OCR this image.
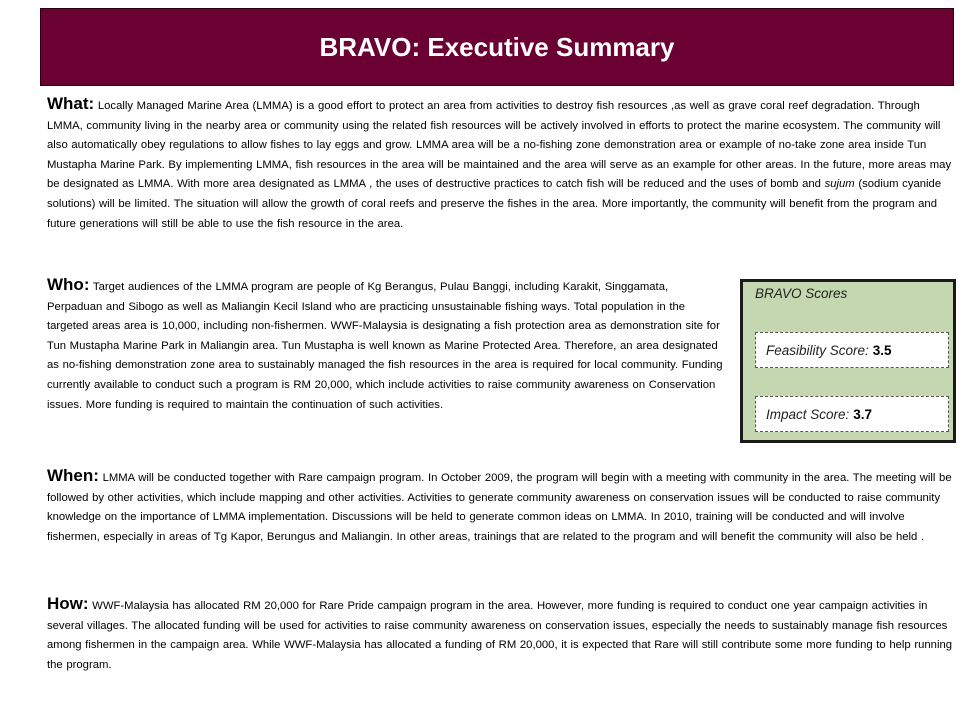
BRAVO: Executive Summary
What: Locally Managed Marine Area (LMMA) is a good effort to protect an area from activities to destroy fish resources ,as well as grave coral reef degradation. Through LMMA, community living in the nearby area or community using the related fish resources will be actively involved in efforts to protect the marine ecosystem. The community will also automatically obey regulations to allow fishes to lay eggs and grow. LMMA area will be a no-fishing zone demonstration area or example of no-take zone area inside Tun Mustapha Marine Park. By implementing LMMA, fish resources in the area will be maintained and the area will serve as an example for other areas. In the future, more areas may be designated as LMMA. With more area designated as LMMA , the uses of destructive practices to catch fish will be reduced and the uses of bomb and sujum (sodium cyanide solutions) will be limited. The situation will allow the growth of coral reefs and preserve the fishes in the area. More importantly, the community will benefit from the program and future generations will still be able to use the fish resource in the area.
Who: Target audiences of the LMMA program are people of Kg Berangus, Pulau Banggi, including Karakit, Singgamata, Perpaduan and Sibogo as well as Maliangin Kecil Island who are practicing unsustainable fishing ways. Total population in the targeted areas area is 10,000, including non-fishermen. WWF-Malaysia is designating a fish protection area as demonstration site for Tun Mustapha Marine Park in Maliangin area. Tun Mustapha is well known as Marine Protected Area. Therefore, an area designated as no-fishing demonstration zone area to sustainably managed the fish resources in the area is required for local community. Funding currently available to conduct such a program is RM 20,000, which include activities to raise community awareness on Conservation issues. More funding is required to maintain the continuation of such activities.
BRAVO Scores
Feasibility Score: 3.5
Impact Score: 3.7
When: LMMA will be conducted together with Rare campaign program. In October 2009, the program will begin with a meeting with community in the area. The meeting will be followed by other activities, which include mapping and other activities. Activities to generate community awareness on conservation issues will be conducted to raise community knowledge on the importance of LMMA implementation. Discussions will be held to generate common ideas on LMMA. In 2010, training will be conducted and will involve fishermen, especially in areas of Tg Kapor, Berungus and Maliangin. In other areas, trainings that are related to the program and will benefit the community will also be held .
How: WWF-Malaysia has allocated RM 20,000 for Rare Pride campaign program in the area. However, more funding is required to conduct one year campaign activities in several villages. The allocated funding will be used for activities to raise community awareness on conservation issues, especially the needs to sustainably manage fish resources among fishermen in the campaign area. While WWF-Malaysia has allocated a funding of RM 20,000, it is expected that Rare will still contribute some more funding to help running the program.
